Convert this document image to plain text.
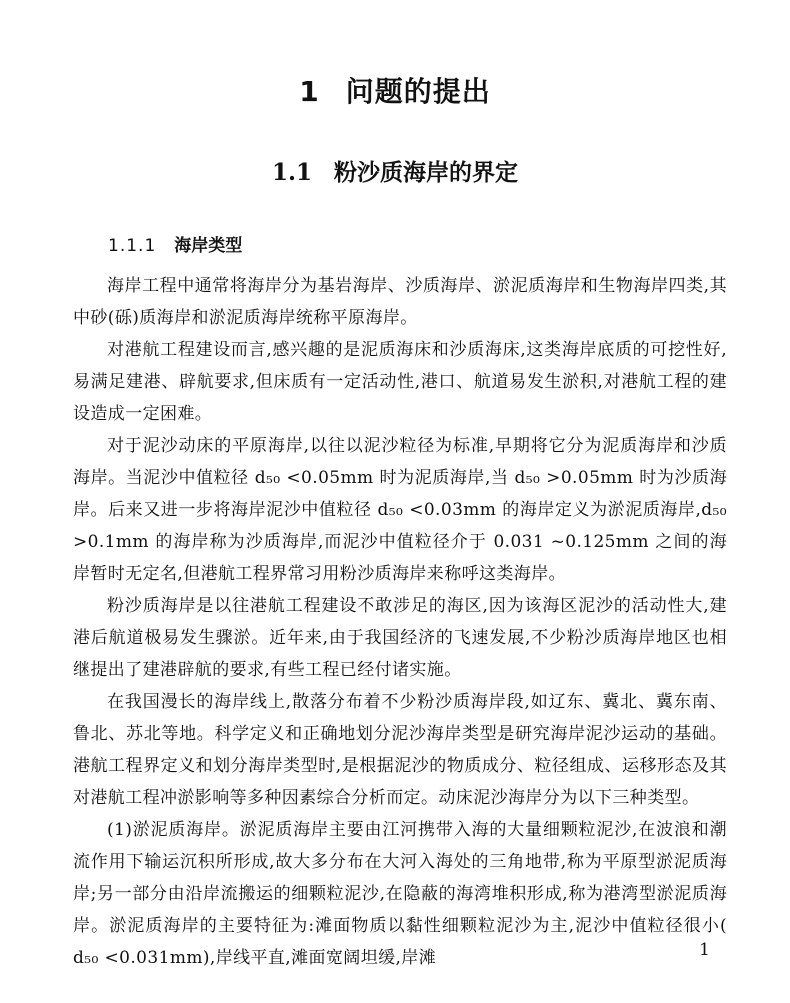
1 问题的提出
1.1 粉沙质海岸的界定
1.1.1 海岸类型

海岸工程中通常将海岸分为基岩海岸、沙质海岸、淤泥质海岸和生物海岸四类,其中砂(砾)质海岸和淤泥质海岸统称平原海岸。

对港航工程建设而言,感兴趣的是泥质海床和沙质海床,这类海岸底质的可挖性好,易满足建港、辟航要求,但床质有一定活动性,港口、航道易发生淤积,对港航工程的建设造成一定困难。

对于泥沙动床的平原海岸,以往以泥沙粒径为标准,早期将它分为泥质海岸和沙质海岸。当泥沙中值粒径 d₅₀ <0.05mm 时为泥质海岸,当 d₅₀ >0.05mm 时为沙质海岸。后来又进一步将海岸泥沙中值粒径 d₅₀ <0.03mm 的海岸定义为淤泥质海岸,d₅₀ >0.1mm 的海岸称为沙质海岸,而泥沙中值粒径介于 0.031 ~0.125mm 之间的海岸暂时无定名,但港航工程界常习用粉沙质海岸来称呼这类海岸。

粉沙质海岸是以往港航工程建设不敢涉足的海区,因为该海区泥沙的活动性大,建港后航道极易发生骤淤。近年来,由于我国经济的飞速发展,不少粉沙质海岸地区也相继提出了建港辟航的要求,有些工程已经付诸实施。

在我国漫长的海岸线上,散落分布着不少粉沙质海岸段,如辽东、冀北、冀东南、鲁北、苏北等地。科学定义和正确地划分泥沙海岸类型是研究海岸泥沙运动的基础。港航工程界定义和划分海岸类型时,是根据泥沙的物质成分、粒径组成、运移形态及其对港航工程冲淤影响等多种因素综合分析而定。动床泥沙海岸分为以下三种类型。

(1)淤泥质海岸。淤泥质海岸主要由江河携带入海的大量细颗粒泥沙,在波浪和潮流作用下输运沉积所形成,故大多分布在大河入海处的三角地带,称为平原型淤泥质海岸;另一部分由沿岸流搬运的细颗粒泥沙,在隐蔽的海湾堆积形成,称为港湾型淤泥质海岸。淤泥质海岸的主要特征为:滩面物质以黏性细颗粒泥沙为主,泥沙中值粒径很小( d₅₀ <0.031mm),岸线平直,滩面宽阔坦缓,岸滩	1
